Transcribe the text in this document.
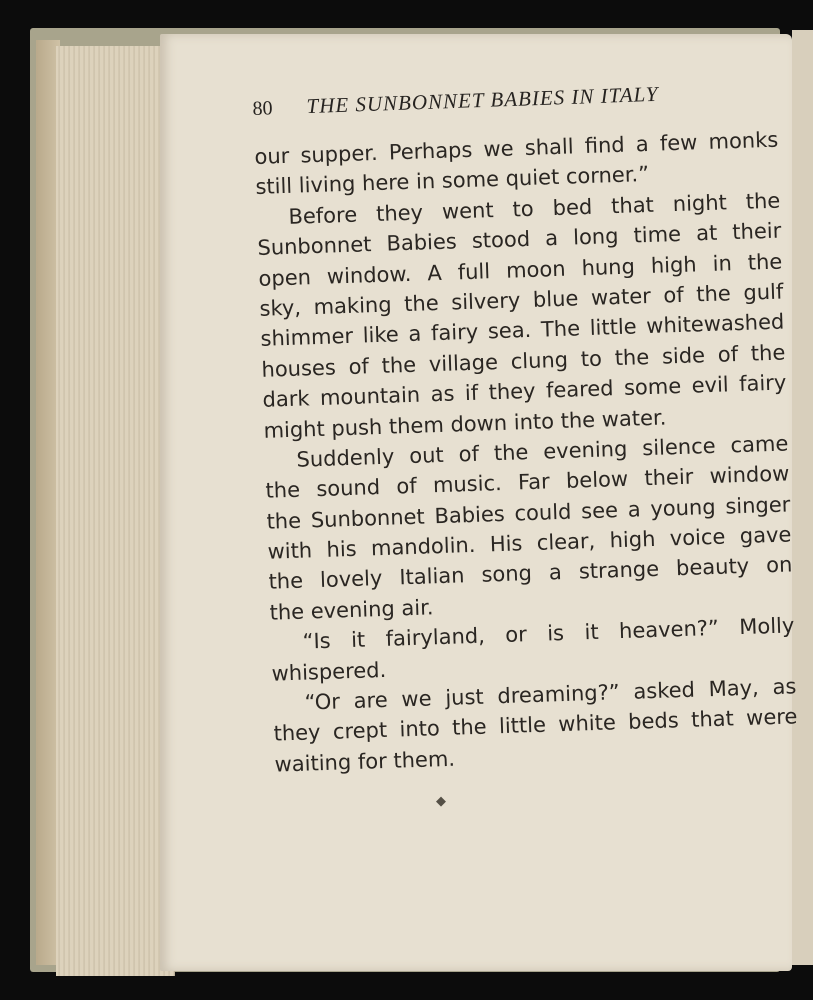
80 THE SUNBONNET BABIES IN ITALY
our supper. Perhaps we shall find a few monks
still living here in some quiet corner.”
Before they went to bed that night the
Sunbonnet Babies stood a long time at their
open window. A full moon hung high in the
sky, making the silvery blue water of the gulf
shimmer like a fairy sea. The little whitewashed
houses of the village clung to the side of the
dark mountain as if they feared some evil fairy
might push them down into the water.
Suddenly out of the evening silence came
the sound of music. Far below their window
the Sunbonnet Babies could see a young singer
with his mandolin. His clear, high voice gave
the lovely Italian song a strange beauty on
the evening air.
“Is it fairyland, or is it heaven?” Molly
whispered.
“Or are we just dreaming?” asked May, as
they crept into the little white beds that were
waiting for them.
◆
